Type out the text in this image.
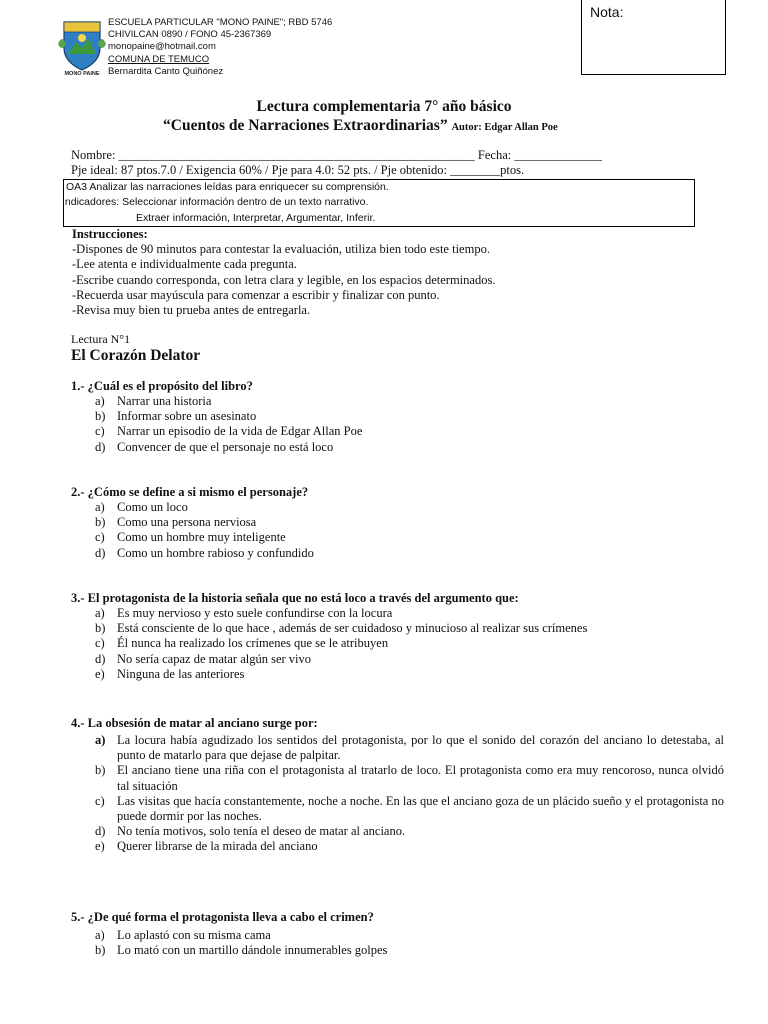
MONO PAINE
ESCUELA PARTICULAR "MONO PAINE"; RBD 5746
CHIVILCAN 0890 / FONO 45-2367369
monopaine@hotmail.com
COMUNA DE TEMUCO
Bernardita Canto Quiñónez
Nota:
Lectura complementaria 7° año básico
“Cuentos de Narraciones Extraordinarias” Autor: Edgar Allan Poe
Nombre: _________________________________________________________ Fecha: ______________
Pje ideal: 87 ptos.7.0 / Exigencia 60% / Pje para 4.0: 52 pts. / Pje obtenido: ________ptos.
OA3 Analizar las narraciones leídas para enriquecer su comprensión.
Indicadores: Seleccionar información dentro de un texto narrativo.
Extraer información, Interpretar, Argumentar, Inferir.
Instrucciones:
-Dispones de 90 minutos para contestar la evaluación, utiliza bien todo este tiempo.
-Lee atenta e individualmente cada pregunta.
-Escribe cuando corresponda, con letra clara y legible, en los espacios determinados.
-Recuerda usar mayúscula para comenzar a escribir y finalizar con punto.
-Revisa muy bien tu prueba antes de entregarla.
Lectura N°1
El Corazón Delator
1.- ¿Cuál es el propósito del libro?
a) Narrar una historia
b) Informar sobre un asesinato
c) Narrar un episodio de la vida de Edgar Allan Poe
d) Convencer de que el personaje no está loco
2.- ¿Cómo se define a si mismo el personaje?
a) Como un loco
b) Como una persona nerviosa
c) Como un hombre muy inteligente
d) Como un hombre rabioso y confundido
3.- El protagonista de la historia señala que no está loco a través del argumento que:
a) Es muy nervioso y esto suele confundirse con la locura
b) Está consciente de lo que hace , además de ser cuidadoso y minucioso al realizar sus crímenes
c) Él nunca ha realizado los crímenes que se le atribuyen
d) No sería capaz de matar algún ser vivo
e) Ninguna de las anteriores
4.- La obsesión de matar al anciano surge por:
a) La locura había agudizado los sentidos del protagonista, por lo que el sonido del corazón del anciano lo detestaba, al punto de matarlo para que dejase de palpitar.
b) El anciano tiene una riña con el protagonista al tratarlo de loco. El protagonista como era muy rencoroso, nunca olvidó tal situación
c) Las visitas que hacía constantemente, noche a noche. En las que el anciano goza de un plácido sueño y el protagonista no puede dormir por las noches.
d) No tenía motivos, solo tenía el deseo de matar al anciano.
e) Querer librarse de la mirada del anciano
5.- ¿De qué forma el protagonista lleva a cabo el crimen?
a) Lo aplastó con su misma cama
b) Lo mató con un martillo dándole innumerables golpes
